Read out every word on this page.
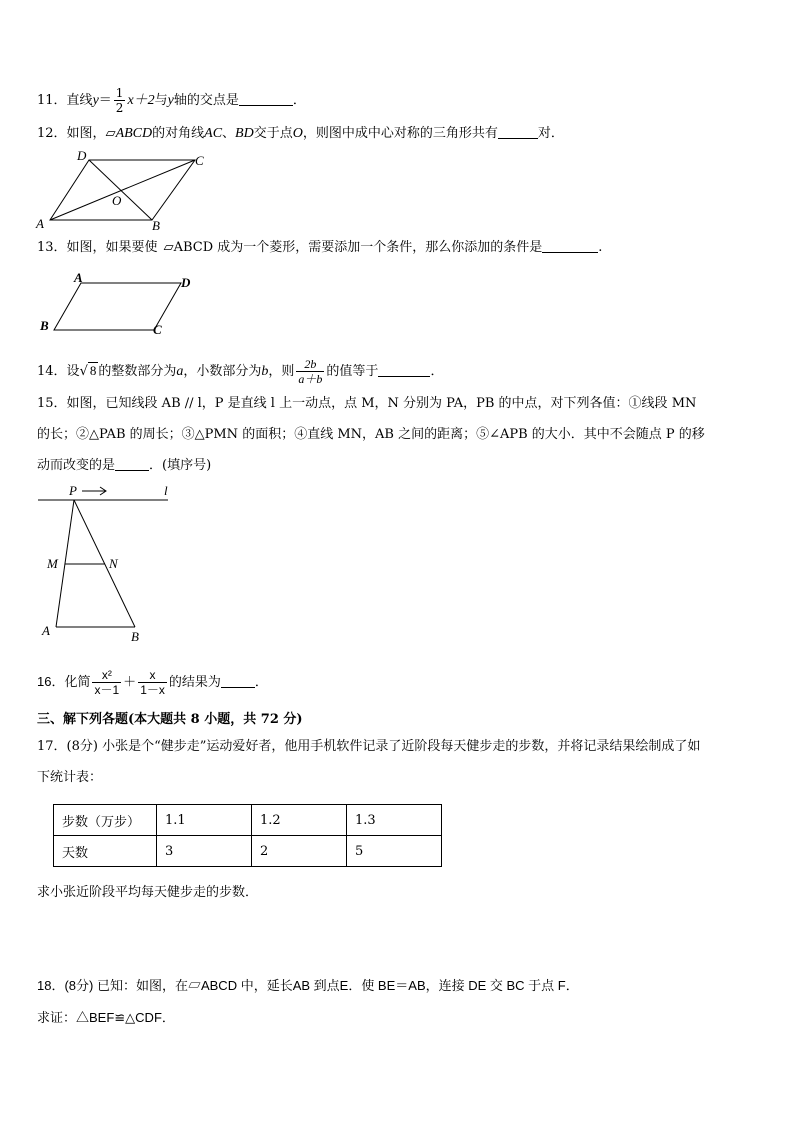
11．直线$y= \frac{1}{2} x+2$与y轴的交点是	．
12．如图，▱ABCD的对角线AC、BD交于点O，则图中成中心对称的三角形共有	对．
A	B
C
D
O
13．如图，如果要使 ▱ABCD 成为一个菱形，需要添加一个条件，那么你添加的条件是	.
A
B	C
D
14．设√ 8 的整数部分为a，小数部分为b，则 $\frac{2b}{a+b}$ 的值等于	．
15．如图，已知线段 AB // l，P 是直线 l 上一动点，点 M，N 分别为 PA，PB 的中点，对下列各值：①线段 MN
的长；②△PAB 的周长；③△PMN 的面积；④直线 MN，AB 之间的距离；⑤∠APB 的大小．其中不会随点 P 的移
动而改变的是	．(填序号)
P	l
M	N
A	B
16．化简 $\frac{\text{x²}}{x-1} + \frac{x}{1-x}$ 的结果为	．
三、解下列各题(本大题共 8 小题，共 72 分)
17．(8分) 小张是个“健步走”运动爱好者，他用手机软件记录了近阶段每天健步走的步数，并将记录结果绘制成了如
下统计表：
步数（万步）	1.1	1.2	1.3
天数	3	2	5
求小张近阶段平均每天健步走的步数．
18．(8分) 已知：如图，在▱ABCD 中，延长AB 到点E．使 BE＝AB，连接 DE 交 BC 于点 F．
求证：△BEF≌△CDF．
